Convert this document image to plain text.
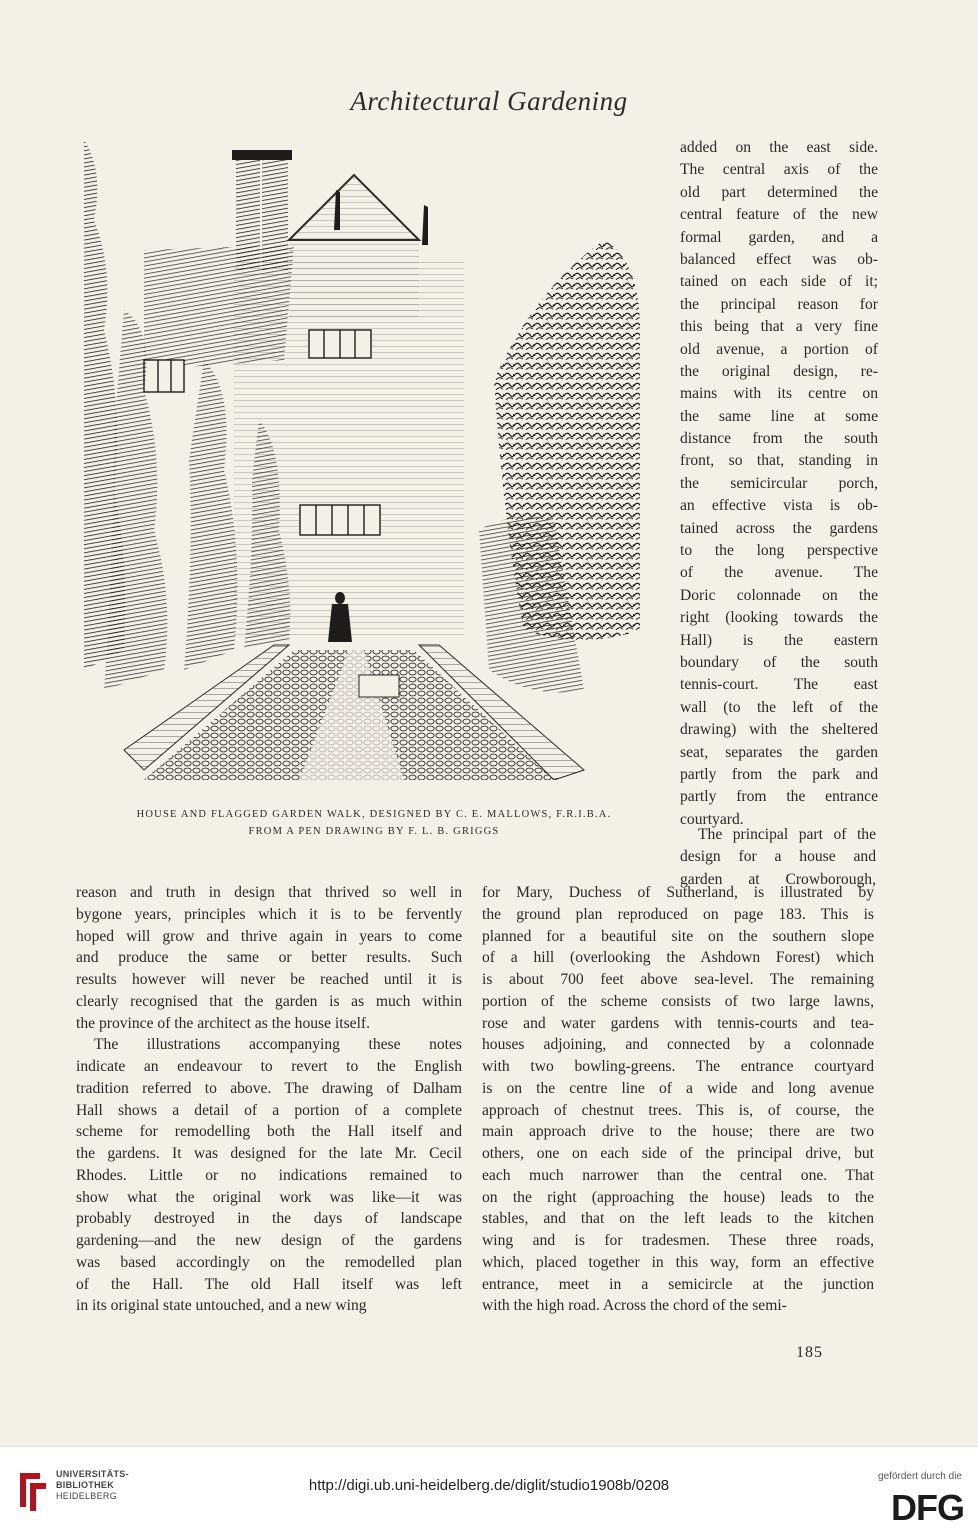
Architectural Gardening
HOUSE AND FLAGGED GARDEN WALK, DESIGNED BY C. E. MALLOWS, F.R.I.B.A.
FROM A PEN DRAWING BY F. L. B. GRIGGS
added on the east side.
The central axis of the
old part determined the
central feature of the new
formal garden, and a
balanced effect was ob-
tained on each side of it;
the principal reason for
this being that a very fine
old avenue, a portion of
the original design, re-
mains with its centre on
the same line at some
distance from the south
front, so that, standing in
the semicircular porch,
an effective vista is ob-
tained across the gardens
to the long perspective
of the avenue. The
Doric colonnade on the
right (looking towards the
Hall) is the eastern
boundary of the south
tennis-court. The east
wall (to the left of the
drawing) with the sheltered
seat, separates the garden
partly from the park and
partly from the entrance
courtyard.
The principal part of the
design for a house and
garden at Crowborough,
reason and truth in design that thrived so well in
bygone years, principles which it is to be fervently
hoped will grow and thrive again in years to come
and produce the same or better results. Such
results however will never be reached until it is
clearly recognised that the garden is as much within
the province of the architect as the house itself.
The illustrations accompanying these notes
indicate an endeavour to revert to the English
tradition referred to above. The drawing of Dalham
Hall shows a detail of a portion of a complete
scheme for remodelling both the Hall itself and
the gardens. It was designed for the late Mr. Cecil
Rhodes. Little or no indications remained to
show what the original work was like—it was
probably destroyed in the days of landscape
gardening—and the new design of the gardens
was based accordingly on the remodelled plan
of the Hall. The old Hall itself was left
in its original state untouched, and a new wing
for Mary, Duchess of Sutherland, is illustrated by
the ground plan reproduced on page 183. This is
planned for a beautiful site on the southern slope
of a hill (overlooking the Ashdown Forest) which
is about 700 feet above sea-level. The remaining
portion of the scheme consists of two large lawns,
rose and water gardens with tennis-courts and tea-
houses adjoining, and connected by a colonnade
with two bowling-greens. The entrance courtyard
is on the centre line of a wide and long avenue
approach of chestnut trees. This is, of course, the
main approach drive to the house; there are two
others, one on each side of the principal drive, but
each much narrower than the central one. That
on the right (approaching the house) leads to the
stables, and that on the left leads to the kitchen
wing and is for tradesmen. These three roads,
which, placed together in this way, form an effective
entrance, meet in a semicircle at the junction
with the high road. Across the chord of the semi-
185
UNIVERSITÄTS-
BIBLIOTHEK
HEIDELBERG
http://digi.ub.uni-heidelberg.de/diglit/studio1908b/0208
gefördert durch die
DFG
